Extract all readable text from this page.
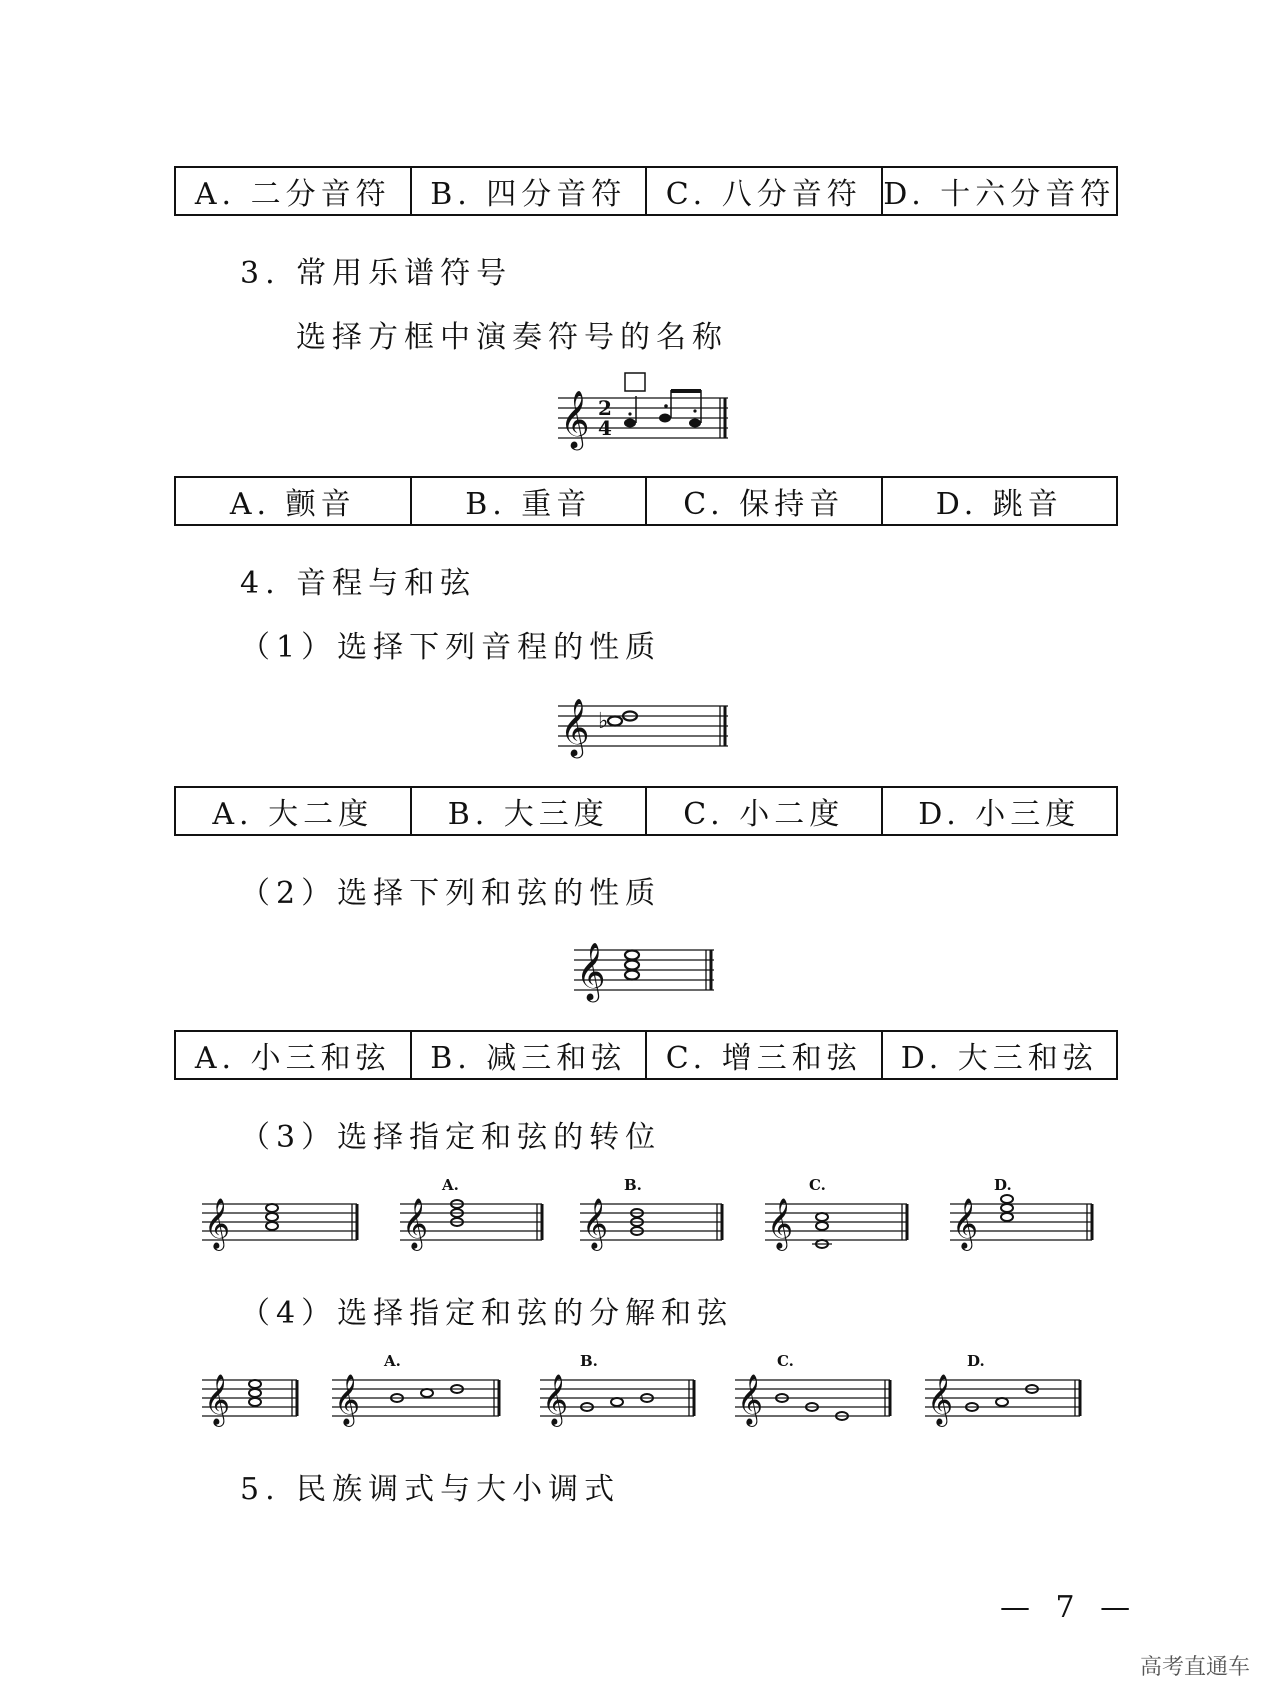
A. 二分音符	B. 四分音符	C. 八分音符 D. 十六分音符
3. 常用乐谱符号
选择方框中演奏符号的名称
𝄞 2
4
A. 颤音	B. 重音	C. 保持音	D. 跳音
4. 音程与和弦
（1）选择下列音程的性质
𝄞 ♭
A. 大二度	B. 大三度	C. 小二度	D. 小三度
（2）选择下列和弦的性质
𝄞
A. 小三和弦	B. 减三和弦	C. 增三和弦	D. 大三和弦
（3）选择指定和弦的转位
𝄞	𝄞	𝄞	𝄞	𝄞
A.	B.	C.	D.
（4）选择指定和弦的分解和弦
𝄞 𝄞	𝄞	𝄞	𝄞
A.	B.	C.	D.
5. 民族调式与大小调式
— 7 —
高考直通车
